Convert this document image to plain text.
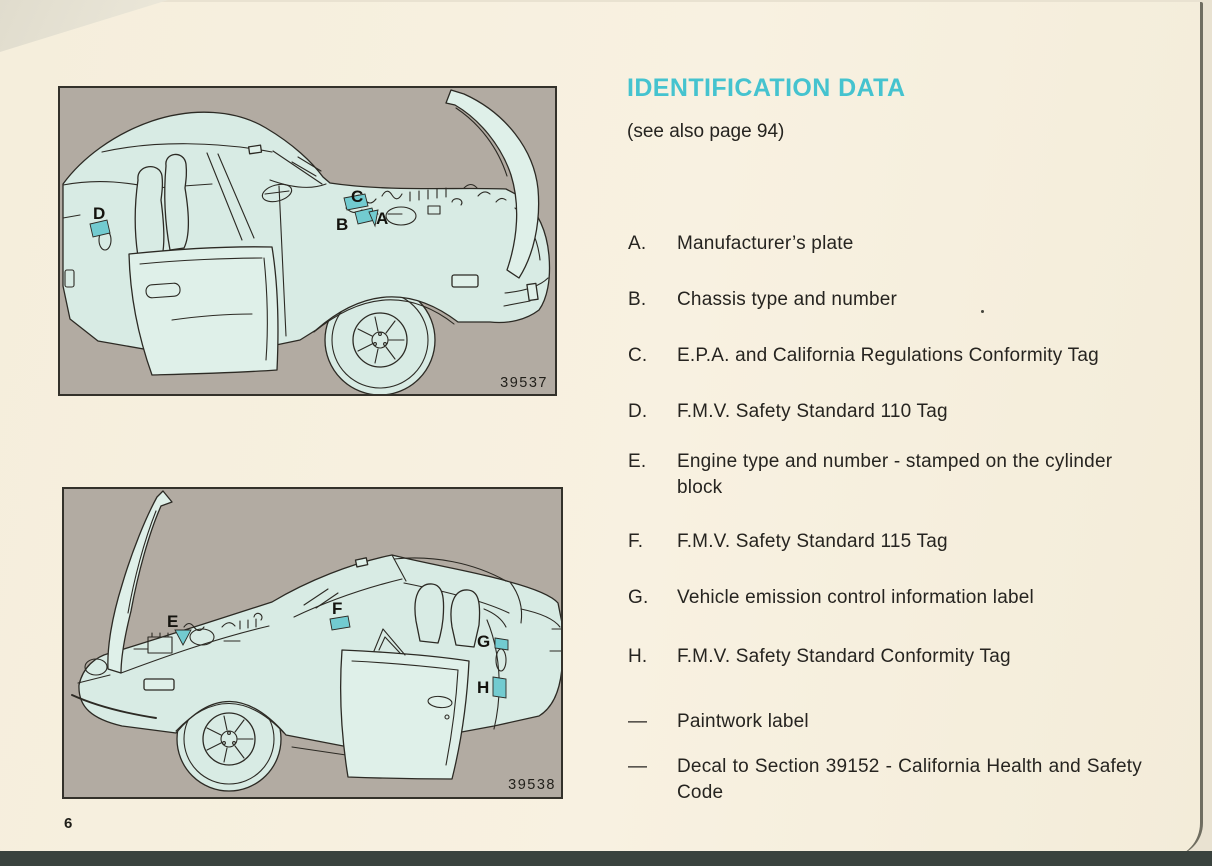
IDENTIFICATION DATA
(see also page 94)
D
C
B A
39537
E
F
G
H
39538
A.	Manufacturer’s plate
B.	Chassis type and number
C.	E.P.A. and California Regulations Conformity Tag
D.	F.M.V. Safety Standard 110 Tag
E.	Engine type and number - stamped on the cylinder block
F.	F.M.V. Safety Standard 115 Tag
G.	Vehicle emission control information label
H.	F.M.V. Safety Standard Conformity Tag
—	Paintwork label
—	Decal to Section 39152 - California Health and Safety Code
6
